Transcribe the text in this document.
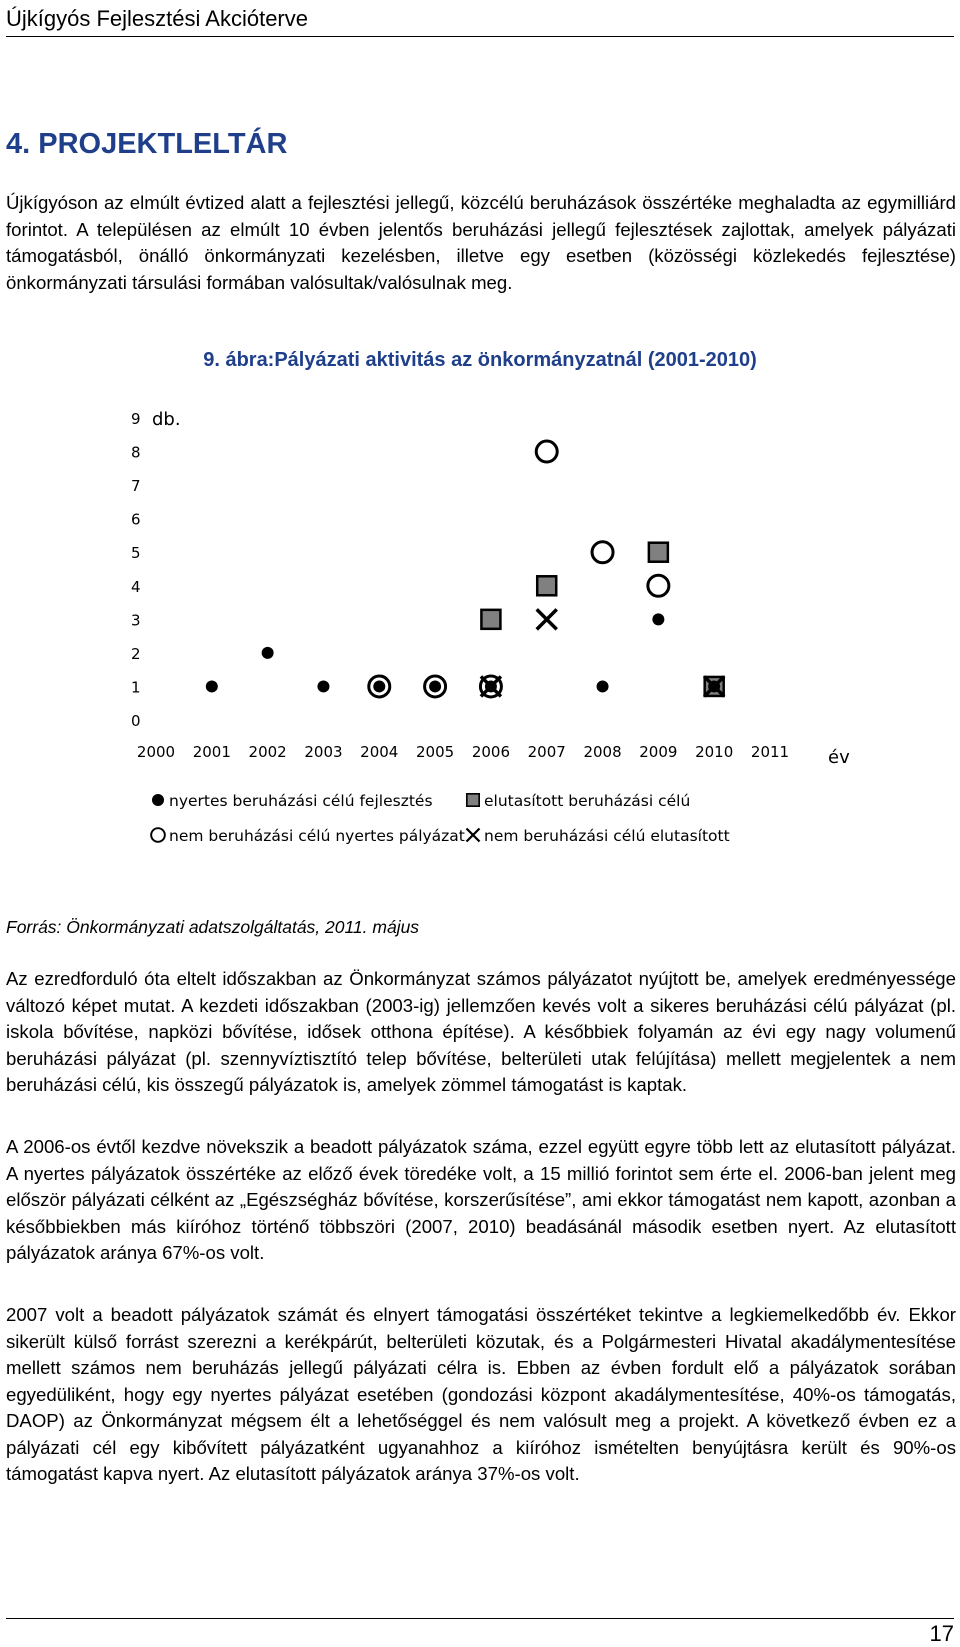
Újkígyós Fejlesztési Akcióterve
4. PROJEKTLELTÁR

Újkígyóson az elmúlt évtized alatt a fejlesztési jellegű, közcélú beruházások összértéke meghaladta az egymilliárd forintot. A településen az elmúlt 10 évben jelentős beruházási jellegű fejlesztések zajlottak, amelyek pályázati támogatásból, önálló önkormányzati kezelésben, illetve egy esetben (közösségi közlekedés fejlesztése) önkormányzati társulási formában valósultak/valósulnak meg.

9. ábra:Pályázati aktivitás az önkormányzatnál (2001-2010)

db.
év
0
1
2
3
4
5
6
7
8
9
2000 2001 2002 2003 2004 2005 2006 2007 2008 2009 2010 2011
nyertes beruházási célú fejlesztés	elutasított beruházási célú
nem beruházási célú nyertes pályázat nem beruházási célú elutasított

Forrás: Önkormányzati adatszolgáltatás, 2011. május

Az ezredforduló óta eltelt időszakban az Önkormányzat számos pályázatot nyújtott be, amelyek eredményessége változó képet mutat. A kezdeti időszakban (2003-ig) jellemzően kevés volt a sikeres beruházási célú pályázat (pl. iskola bővítése, napközi bővítése, idősek otthona építése). A későbbiek folyamán az évi egy nagy volumenű beruházási pályázat (pl. szennyvíztisztító telep bővítése, belterületi utak felújítása) mellett megjelentek a nem beruházási célú, kis összegű pályázatok is, amelyek zömmel támogatást is kaptak.

A 2006-os évtől kezdve növekszik a beadott pályázatok száma, ezzel együtt egyre több lett az elutasított pályázat. A nyertes pályázatok összértéke az előző évek töredéke volt, a 15 millió forintot sem érte el. 2006-ban jelent meg először pályázati célként az „Egészségház bővítése, korszerűsítése”, ami ekkor támogatást nem kapott, azonban a későbbiekben más kiíróhoz történő többszöri (2007, 2010) beadásánál második esetben nyert. Az elutasított pályázatok aránya 67%-os volt.

2007 volt a beadott pályázatok számát és elnyert támogatási összértéket tekintve a legkiemelkedőbb év. Ekkor sikerült külső forrást szerezni a kerékpárút, belterületi közutak, és a Polgármesteri Hivatal akadálymentesítése mellett számos nem beruházás jellegű pályázati célra is. Ebben az évben fordult elő a pályázatok sorában egyedüliként, hogy egy nyertes pályázat esetében (gondozási központ akadálymentesítése, 40%-os támogatás, DAOP) az Önkormányzat mégsem élt a lehetőséggel és nem valósult meg a projekt. A következő évben ez a pályázati cél egy kibővített pályázatként ugyanahhoz a kiíróhoz ismételten benyújtásra került és 90%-os támogatást kapva nyert. Az elutasított pályázatok aránya 37%-os volt.

17
